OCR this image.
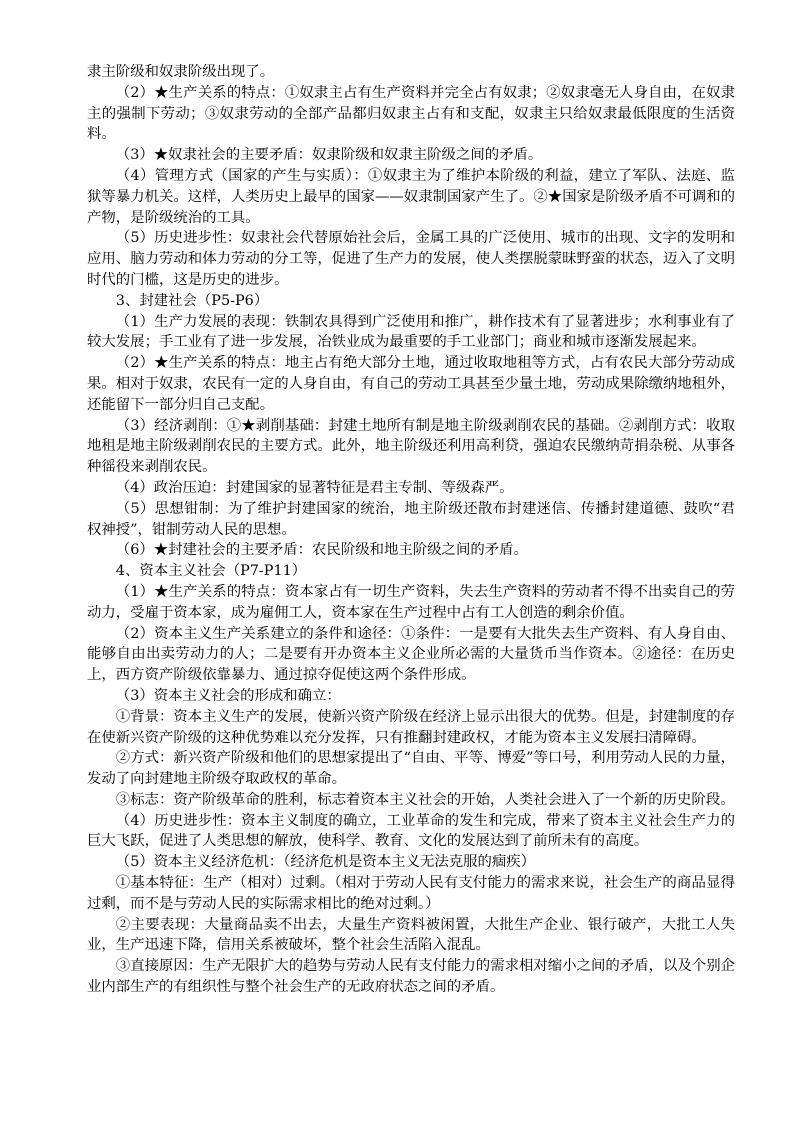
隶主阶级和奴隶阶级出现了。

（2）★生产关系的特点：①奴隶主占有生产资料并完全占有奴隶；②奴隶毫无人身自由，在奴隶主的强制下劳动；③奴隶劳动的全部产品都归奴隶主占有和支配，奴隶主只给奴隶最低限度的生活资料。

（3）★奴隶社会的主要矛盾：奴隶阶级和奴隶主阶级之间的矛盾。

（4）管理方式（国家的产生与实质）：①奴隶主为了维护本阶级的利益，建立了军队、法庭、监狱等暴力机关。这样，人类历史上最早的国家——奴隶制国家产生了。②★国家是阶级矛盾不可调和的产物，是阶级统治的工具。

（5）历史进步性：奴隶社会代替原始社会后，金属工具的广泛使用、城市的出现、文字的发明和应用、脑力劳动和体力劳动的分工等，促进了生产力的发展，使人类摆脱蒙昧野蛮的状态，迈入了文明时代的门槛，这是历史的进步。

3、封建社会（P5-P6）

（1）生产力发展的表现：铁制农具得到广泛使用和推广，耕作技术有了显著进步；水利事业有了较大发展；手工业有了进一步发展，冶铁业成为最重要的手工业部门；商业和城市逐渐发展起来。

（2）★生产关系的特点：地主占有绝大部分土地，通过收取地租等方式，占有农民大部分劳动成果。相对于奴隶，农民有一定的人身自由，有自己的劳动工具甚至少量土地，劳动成果除缴纳地租外，还能留下一部分归自己支配。

（3）经济剥削：①★剥削基础：封建土地所有制是地主阶级剥削农民的基础。②剥削方式：收取地租是地主阶级剥削农民的主要方式。此外，地主阶级还利用高利贷，强迫农民缴纳苛捐杂税、从事各种徭役来剥削农民。

（4）政治压迫：封建国家的显著特征是君主专制、等级森严。

（5）思想钳制：为了维护封建国家的统治，地主阶级还散布封建迷信、传播封建道德、鼓吹“君权神授”，钳制劳动人民的思想。

（6）★封建社会的主要矛盾：农民阶级和地主阶级之间的矛盾。

4、资本主义社会（P7-P11）

（1）★生产关系的特点：资本家占有一切生产资料，失去生产资料的劳动者不得不出卖自己的劳动力，受雇于资本家，成为雇佣工人，资本家在生产过程中占有工人创造的剩余价值。

（2）资本主义生产关系建立的条件和途径：①条件：一是要有大批失去生产资料、有人身自由、能够自由出卖劳动力的人；二是要有开办资本主义企业所必需的大量货币当作资本。②途径：在历史上，西方资产阶级依靠暴力、通过掠夺促使这两个条件形成。

（3）资本主义社会的形成和确立：

①背景：资本主义生产的发展，使新兴资产阶级在经济上显示出很大的优势。但是，封建制度的存在使新兴资产阶级的这种优势难以充分发挥，只有推翻封建政权，才能为资本主义发展扫清障碍。

②方式：新兴资产阶级和他们的思想家提出了“自由、平等、博爱”等口号，利用劳动人民的力量，发动了向封建地主阶级夺取政权的革命。

③标志：资产阶级革命的胜利，标志着资本主义社会的开始，人类社会进入了一个新的历史阶段。

（4）历史进步性：资本主义制度的确立，工业革命的发生和完成，带来了资本主义社会生产力的巨大飞跃，促进了人类思想的解放，使科学、教育、文化的发展达到了前所未有的高度。

（5）资本主义经济危机：（经济危机是资本主义无法克服的痼疾）

①基本特征：生产（相对）过剩。（相对于劳动人民有支付能力的需求来说，社会生产的商品显得过剩，而不是与劳动人民的实际需求相比的绝对过剩。）

②主要表现：大量商品卖不出去，大量生产资料被闲置，大批生产企业、银行破产，大批工人失业，生产迅速下降，信用关系被破坏，整个社会生活陷入混乱。

③直接原因：生产无限扩大的趋势与劳动人民有支付能力的需求相对缩小之间的矛盾，以及个别企业内部生产的有组织性与整个社会生产的无政府状态之间的矛盾。
